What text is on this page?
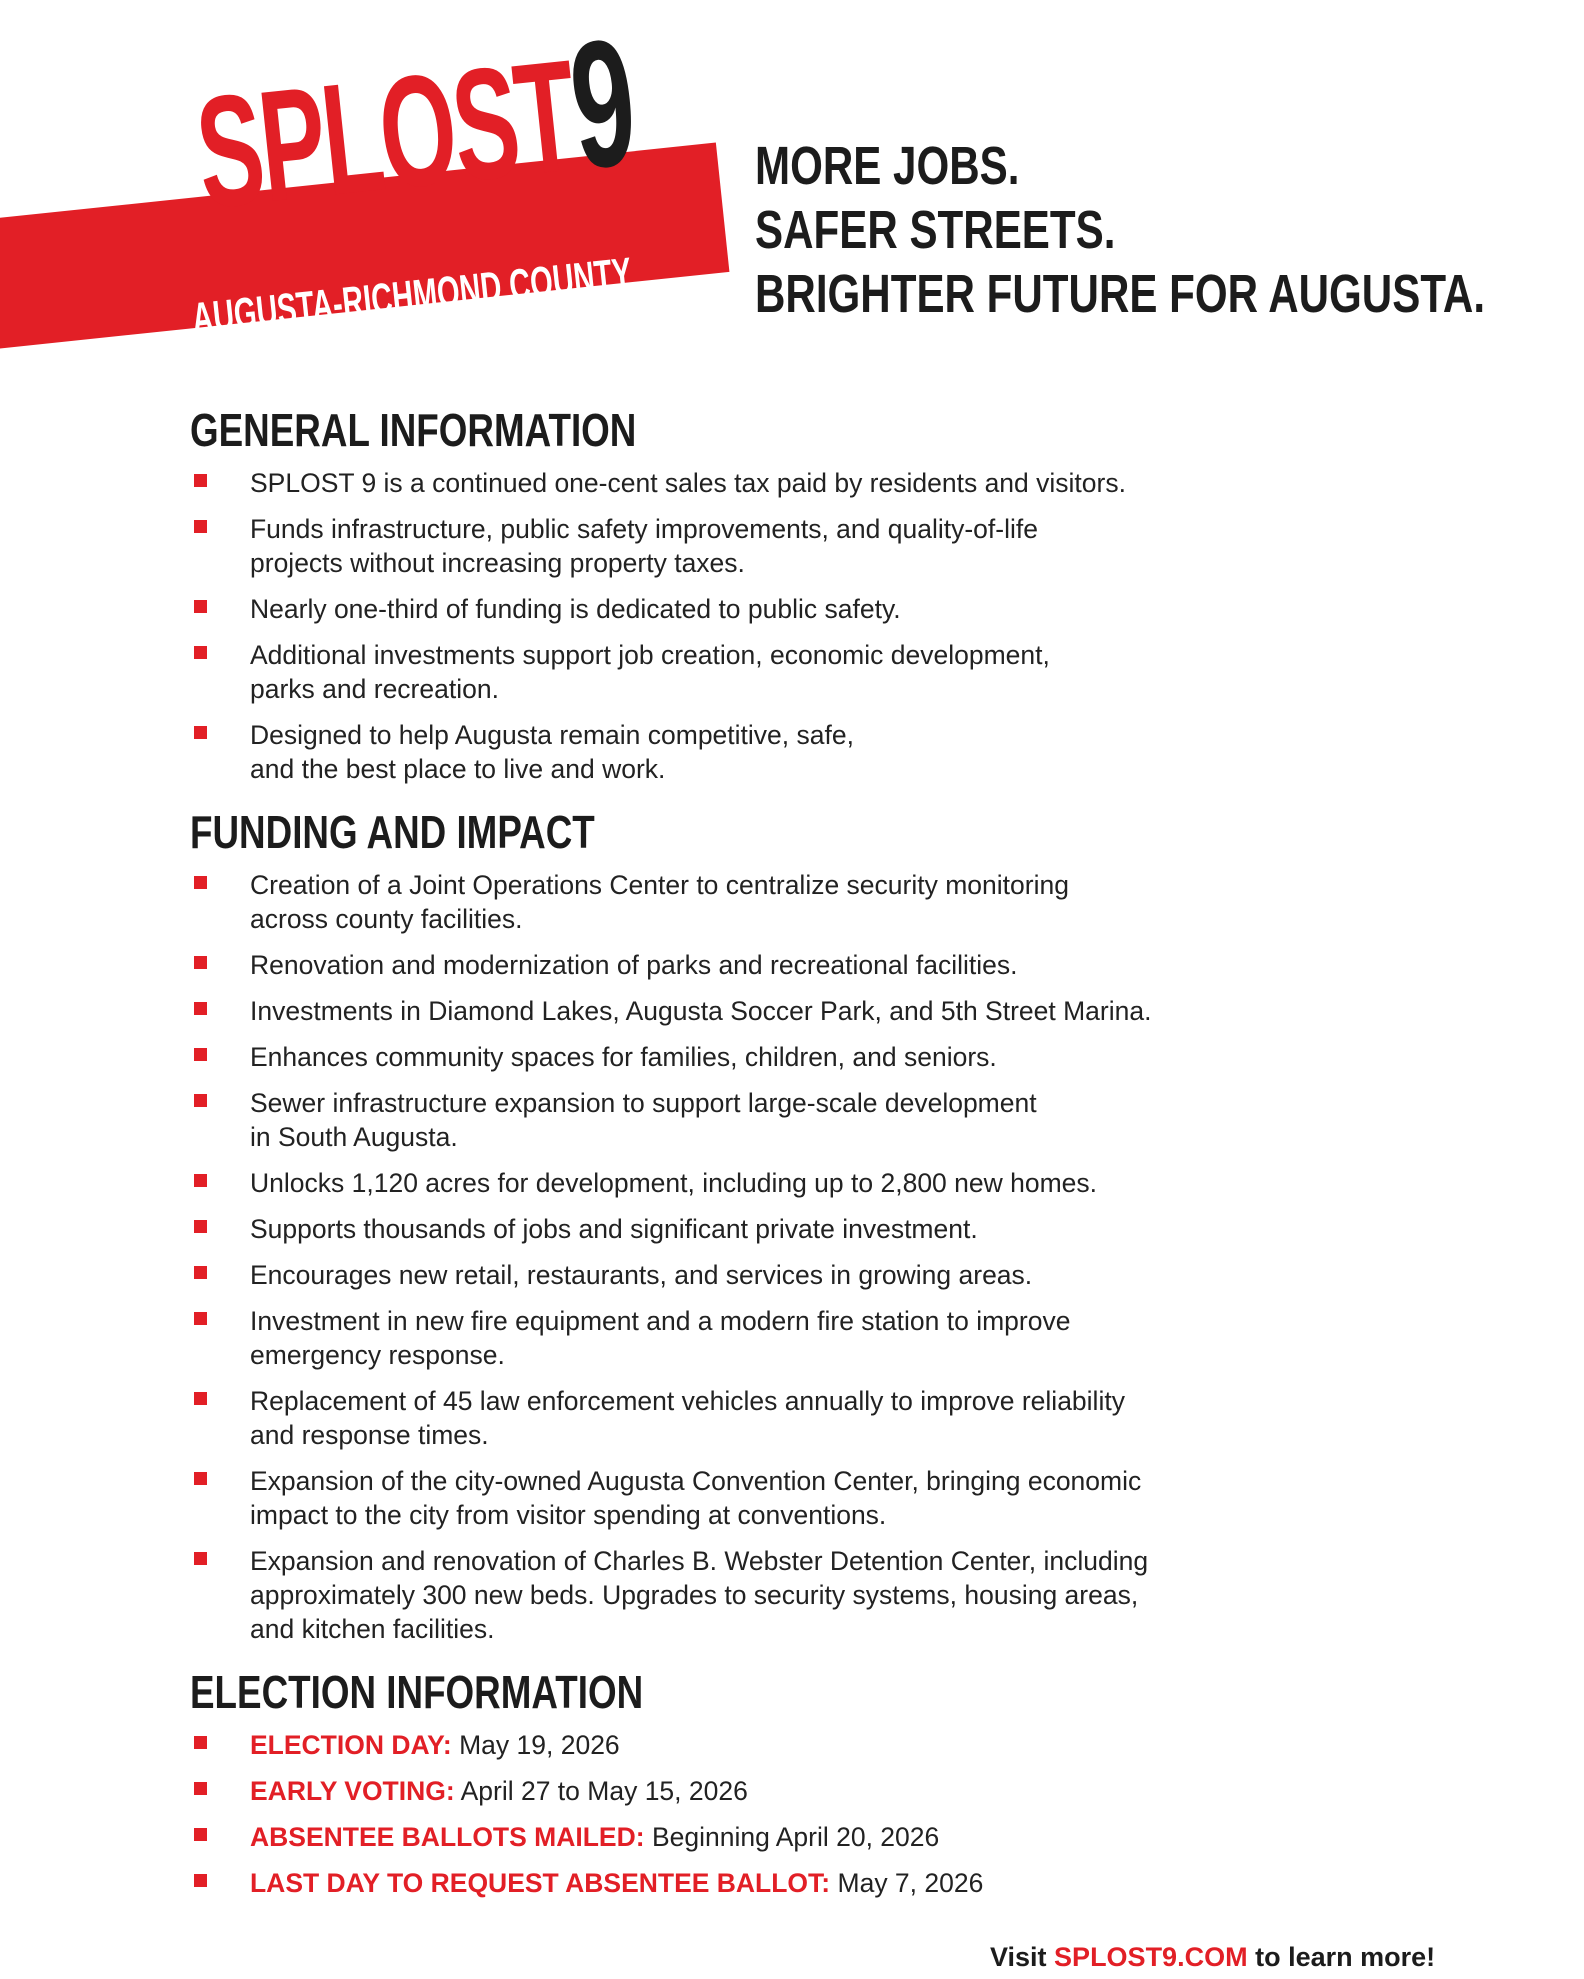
SPLOST9
AUGUSTA-RICHMOND COUNTY
MORE JOBS.
SAFER STREETS.
BRIGHTER FUTURE FOR AUGUSTA.
GENERAL INFORMATION
SPLOST 9 is a continued one-cent sales tax paid by residents and visitors.
Funds infrastructure, public safety improvements, and quality-of-life
projects without increasing property taxes.
Nearly one-third of funding is dedicated to public safety.
Additional investments support job creation, economic development,
parks and recreation.
Designed to help Augusta remain competitive, safe,
and the best place to live and work.
FUNDING AND IMPACT
Creation of a Joint Operations Center to centralize security monitoring
across county facilities.
Renovation and modernization of parks and recreational facilities.
Investments in Diamond Lakes, Augusta Soccer Park, and 5th Street Marina.
Enhances community spaces for families, children, and seniors.
Sewer infrastructure expansion to support large-scale development
in South Augusta.
Unlocks 1,120 acres for development, including up to 2,800 new homes.
Supports thousands of jobs and significant private investment.
Encourages new retail, restaurants, and services in growing areas.
Investment in new fire equipment and a modern fire station to improve
emergency response.
Replacement of 45 law enforcement vehicles annually to improve reliability
and response times.
Expansion of the city-owned Augusta Convention Center, bringing economic
impact to the city from visitor spending at conventions.
Expansion and renovation of Charles B. Webster Detention Center, including
approximately 300 new beds. Upgrades to security systems, housing areas,
and kitchen facilities.
ELECTION INFORMATION
ELECTION DAY: May 19, 2026
EARLY VOTING: April 27 to May 15, 2026
ABSENTEE BALLOTS MAILED: Beginning April 20, 2026
LAST DAY TO REQUEST ABSENTEE BALLOT: May 7, 2026
Visit SPLOST9.COM to learn more!
